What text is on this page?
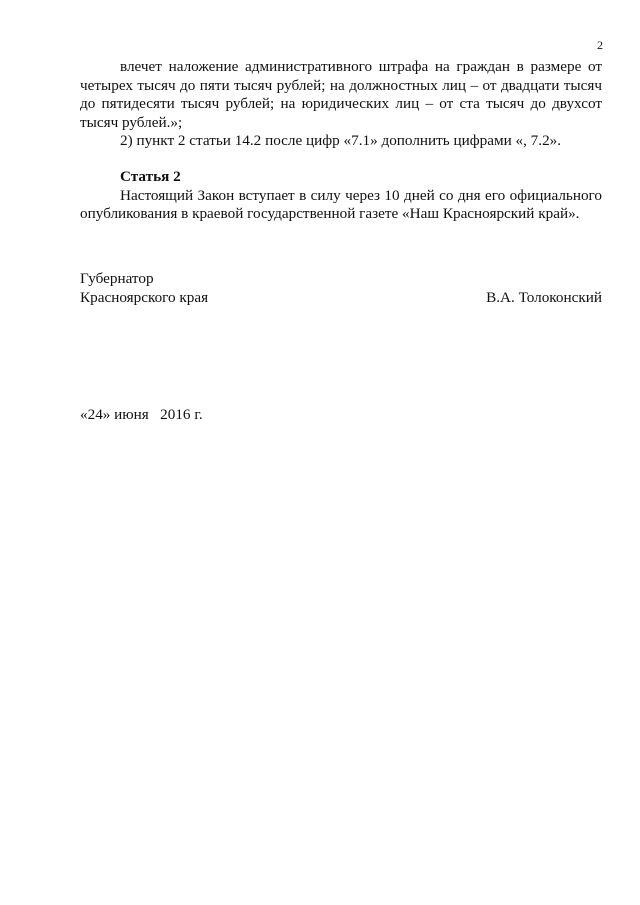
2

влечет наложение административного штрафа на граждан в размере от четырех тысяч до пяти тысяч рублей; на должностных лиц – от двадцати тысяч до пятидесяти тысяч рублей; на юридических лиц – от ста тысяч до двухсот тысяч рублей.»;

2) пункт 2 статьи 14.2 после цифр «7.1» дополнить цифрами «, 7.2».

Статья 2

Настоящий Закон вступает в силу через 10 дней со дня его официального опубликования в краевой государственной газете «Наш Красноярский край».

Губернатор
Красноярского края	В.А. Толоконский
«24» июня   2016 г.
